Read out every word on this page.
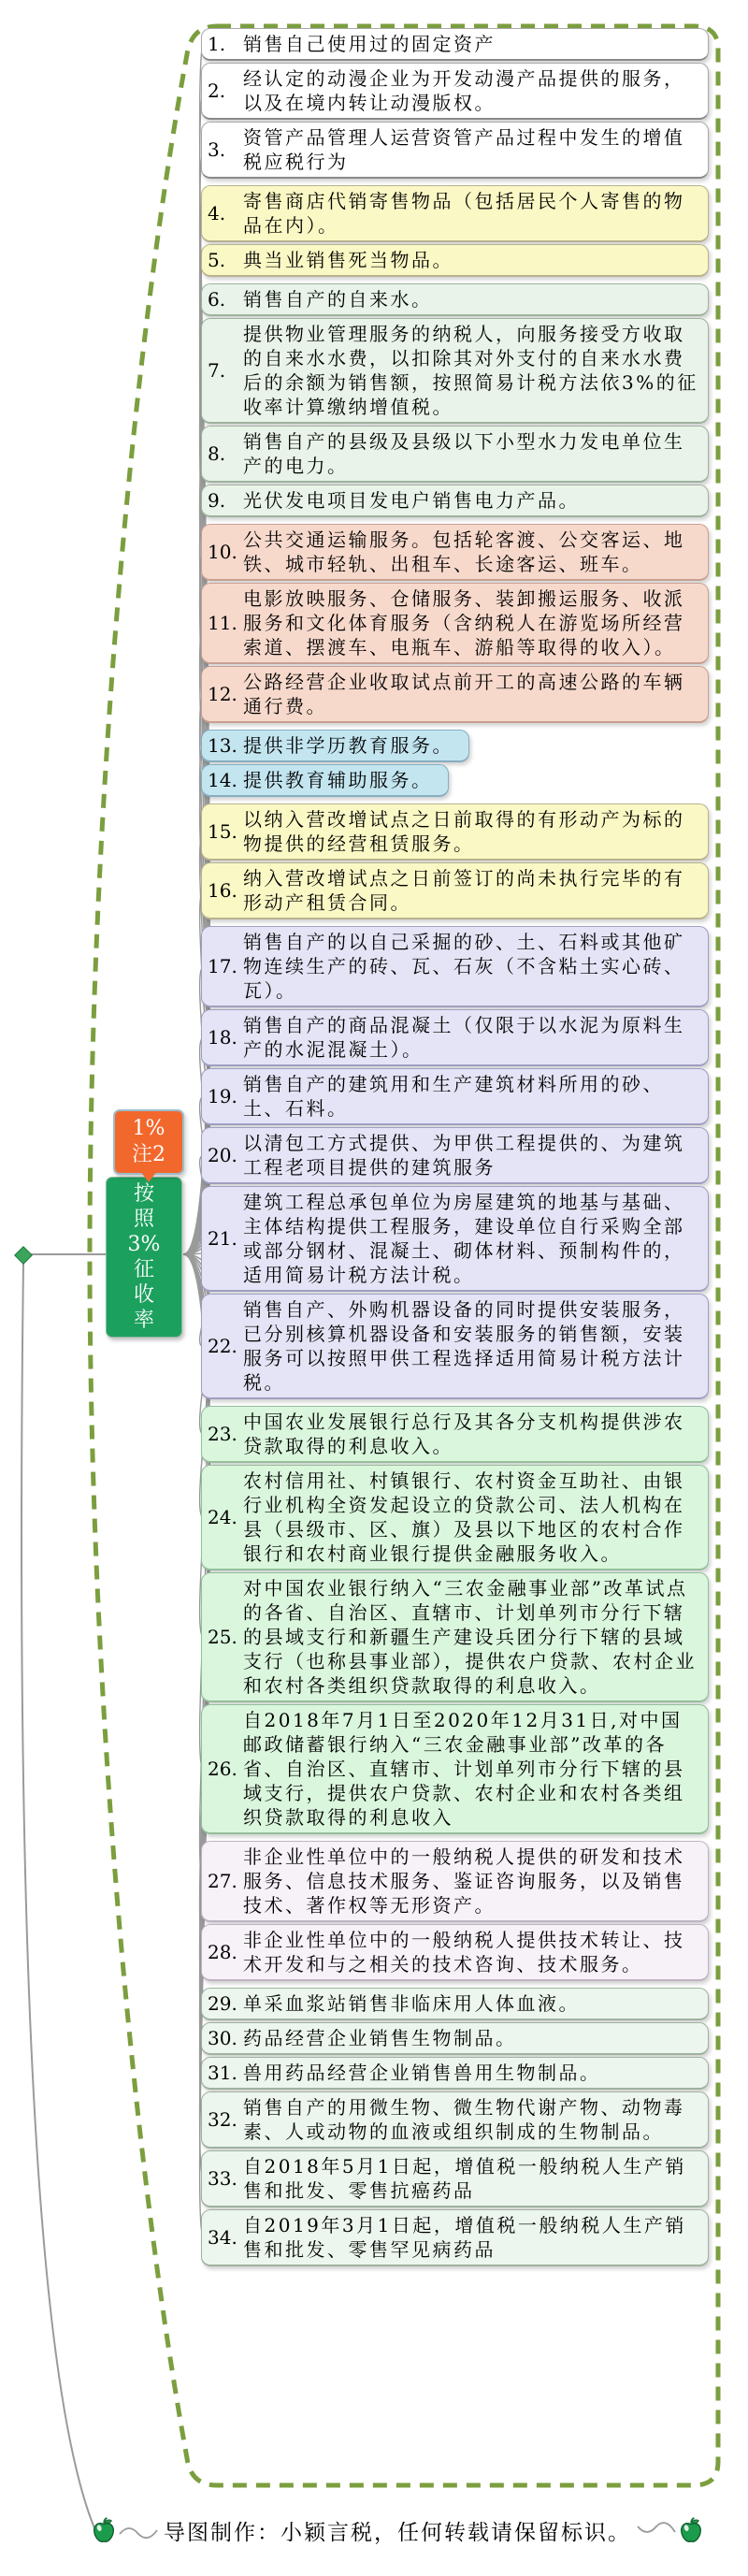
1%
注2
按
照
3%
征
收
率
1. 销售自己使用过的固定资产
2.
经认定的动漫企业为开发动漫产品提供的服务，以及在境内转让动漫版权。
3.
资管产品管理人运营资管产品过程中发生的增值税应税行为
4.
寄售商店代销寄售物品（包括居民个人寄售的物品在内）。
5. 典当业销售死当物品。
6. 销售自产的自来水。
7.
提供物业管理服务的纳税人，向服务接受方收取的自来水水费，以扣除其对外支付的自来水水费后的余额为销售额，按照简易计税方法依3%的征收率计算缴纳增值税。
8.
销售自产的县级及县级以下小型水力发电单位生产的电力。
9. 光伏发电项目发电户销售电力产品。
10.
公共交通运输服务。包括轮客渡、公交客运、地铁、城市轻轨、出租车、长途客运、班车。
11.
电影放映服务、仓储服务、装卸搬运服务、收派服务和文化体育服务（含纳税人在游览场所经营索道、摆渡车、电瓶车、游船等取得的收入）。
12.
公路经营企业收取试点前开工的高速公路的车辆通行费。
13. 提供非学历教育服务。
14. 提供教育辅助服务。
15.
以纳入营改增试点之日前取得的有形动产为标的物提供的经营租赁服务。
16.
纳入营改增试点之日前签订的尚未执行完毕的有形动产租赁合同。
17.
销售自产的以自己采掘的砂、土、石料或其他矿物连续生产的砖、瓦、石灰（不含粘土实心砖、瓦）。
18.
销售自产的商品混凝土（仅限于以水泥为原料生产的水泥混凝土）。
19.
销售自产的建筑用和生产建筑材料所用的砂、土、石料。
20.
以清包工方式提供、为甲供工程提供的、为建筑工程老项目提供的建筑服务
21.
建筑工程总承包单位为房屋建筑的地基与基础、主体结构提供工程服务，建设单位自行采购全部或部分钢材、混凝土、砌体材料、预制构件的，适用简易计税方法计税。
22.
销售自产、外购机器设备的同时提供安装服务，已分别核算机器设备和安装服务的销售额，安装服务可以按照甲供工程选择适用简易计税方法计税。
23.
中国农业发展银行总行及其各分支机构提供涉农贷款取得的利息收入。
24.
农村信用社、村镇银行、农村资金互助社、由银行业机构全资发起设立的贷款公司、法人机构在县（县级市、区、旗）及县以下地区的农村合作银行和农村商业银行提供金融服务收入。
25.
对中国农业银行纳入“三农金融事业部”改革试点的各省、自治区、直辖市、计划单列市分行下辖的县域支行和新疆生产建设兵团分行下辖的县域支行（也称县事业部），提供农户贷款、农村企业和农村各类组织贷款取得的利息收入。
26.
自2018年7月1日至2020年12月31日,对中国邮政储蓄银行纳入“三农金融事业部”改革的各省、自治区、直辖市、计划单列市分行下辖的县域支行，提供农户贷款、农村企业和农村各类组织贷款取得的利息收入
27.
非企业性单位中的一般纳税人提供的研发和技术服务、信息技术服务、鉴证咨询服务，以及销售技术、著作权等无形资产。
28.
非企业性单位中的一般纳税人提供技术转让、技术开发和与之相关的技术咨询、技术服务。
29. 单采血浆站销售非临床用人体血液。
30. 药品经营企业销售生物制品。
31. 兽用药品经营企业销售兽用生物制品。
32.
销售自产的用微生物、微生物代谢产物、动物毒素、人或动物的血液或组织制成的生物制品。
33.
自2018年5月1日起，增值税一般纳税人生产销售和批发、零售抗癌药品
34.
自2019年3月1日起，增值税一般纳税人生产销售和批发、零售罕见病药品
导图制作：小颖言税，任何转载请保留标识。
